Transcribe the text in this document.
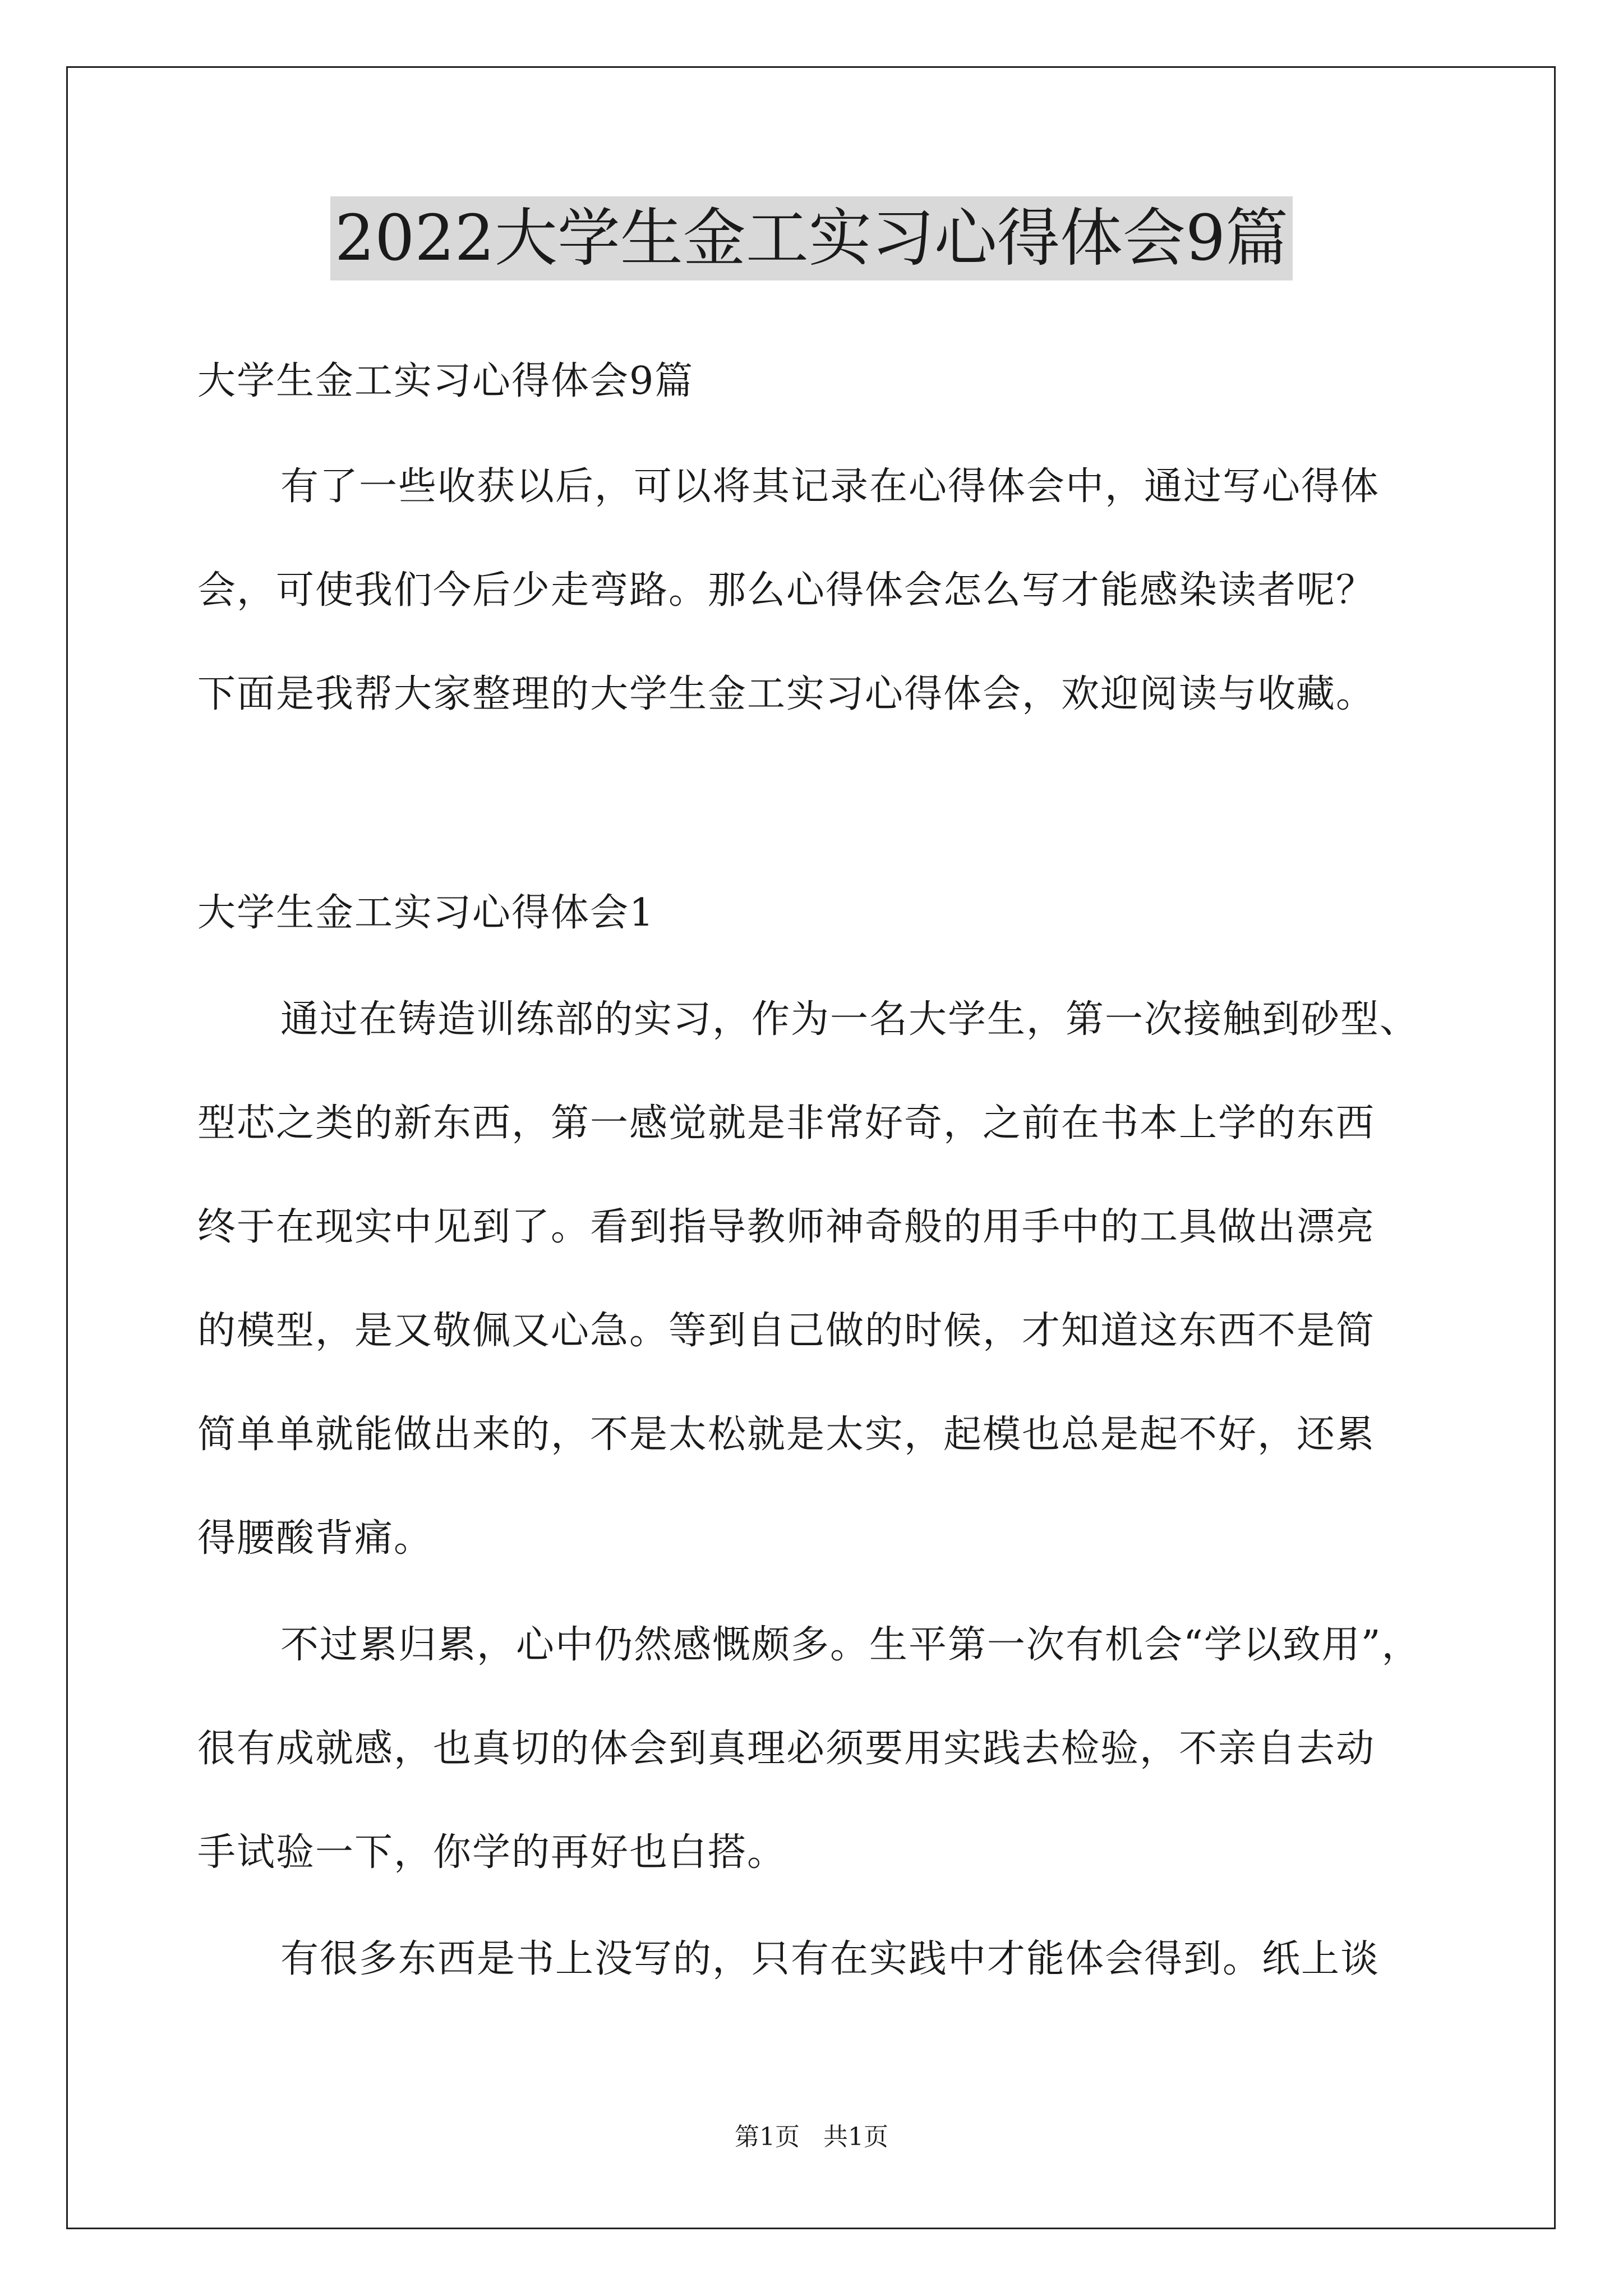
2022大学生金工实习心得体会9篇

大学生金工实习心得体会9篇

有了一些收获以后，可以将其记录在心得体会中，通过写心得体

会，可使我们今后少走弯路。那么心得体会怎么写才能感染读者呢？

下面是我帮大家整理的大学生金工实习心得体会，欢迎阅读与收藏。

大学生金工实习心得体会1

通过在铸造训练部的实习，作为一名大学生，第一次接触到砂型、

型芯之类的新东西，第一感觉就是非常好奇，之前在书本上学的东西

终于在现实中见到了。看到指导教师神奇般的用手中的工具做出漂亮

的模型，是又敬佩又心急。等到自己做的时候，才知道这东西不是简

简单单就能做出来的，不是太松就是太实，起模也总是起不好，还累

得腰酸背痛。

不过累归累，心中仍然感慨颇多。生平第一次有机会“学以致用”，

很有成就感，也真切的体会到真理必须要用实践去检验，不亲自去动

手试验一下，你学的再好也白搭。

有很多东西是书上没写的，只有在实践中才能体会得到。纸上谈

第1页   共1页
